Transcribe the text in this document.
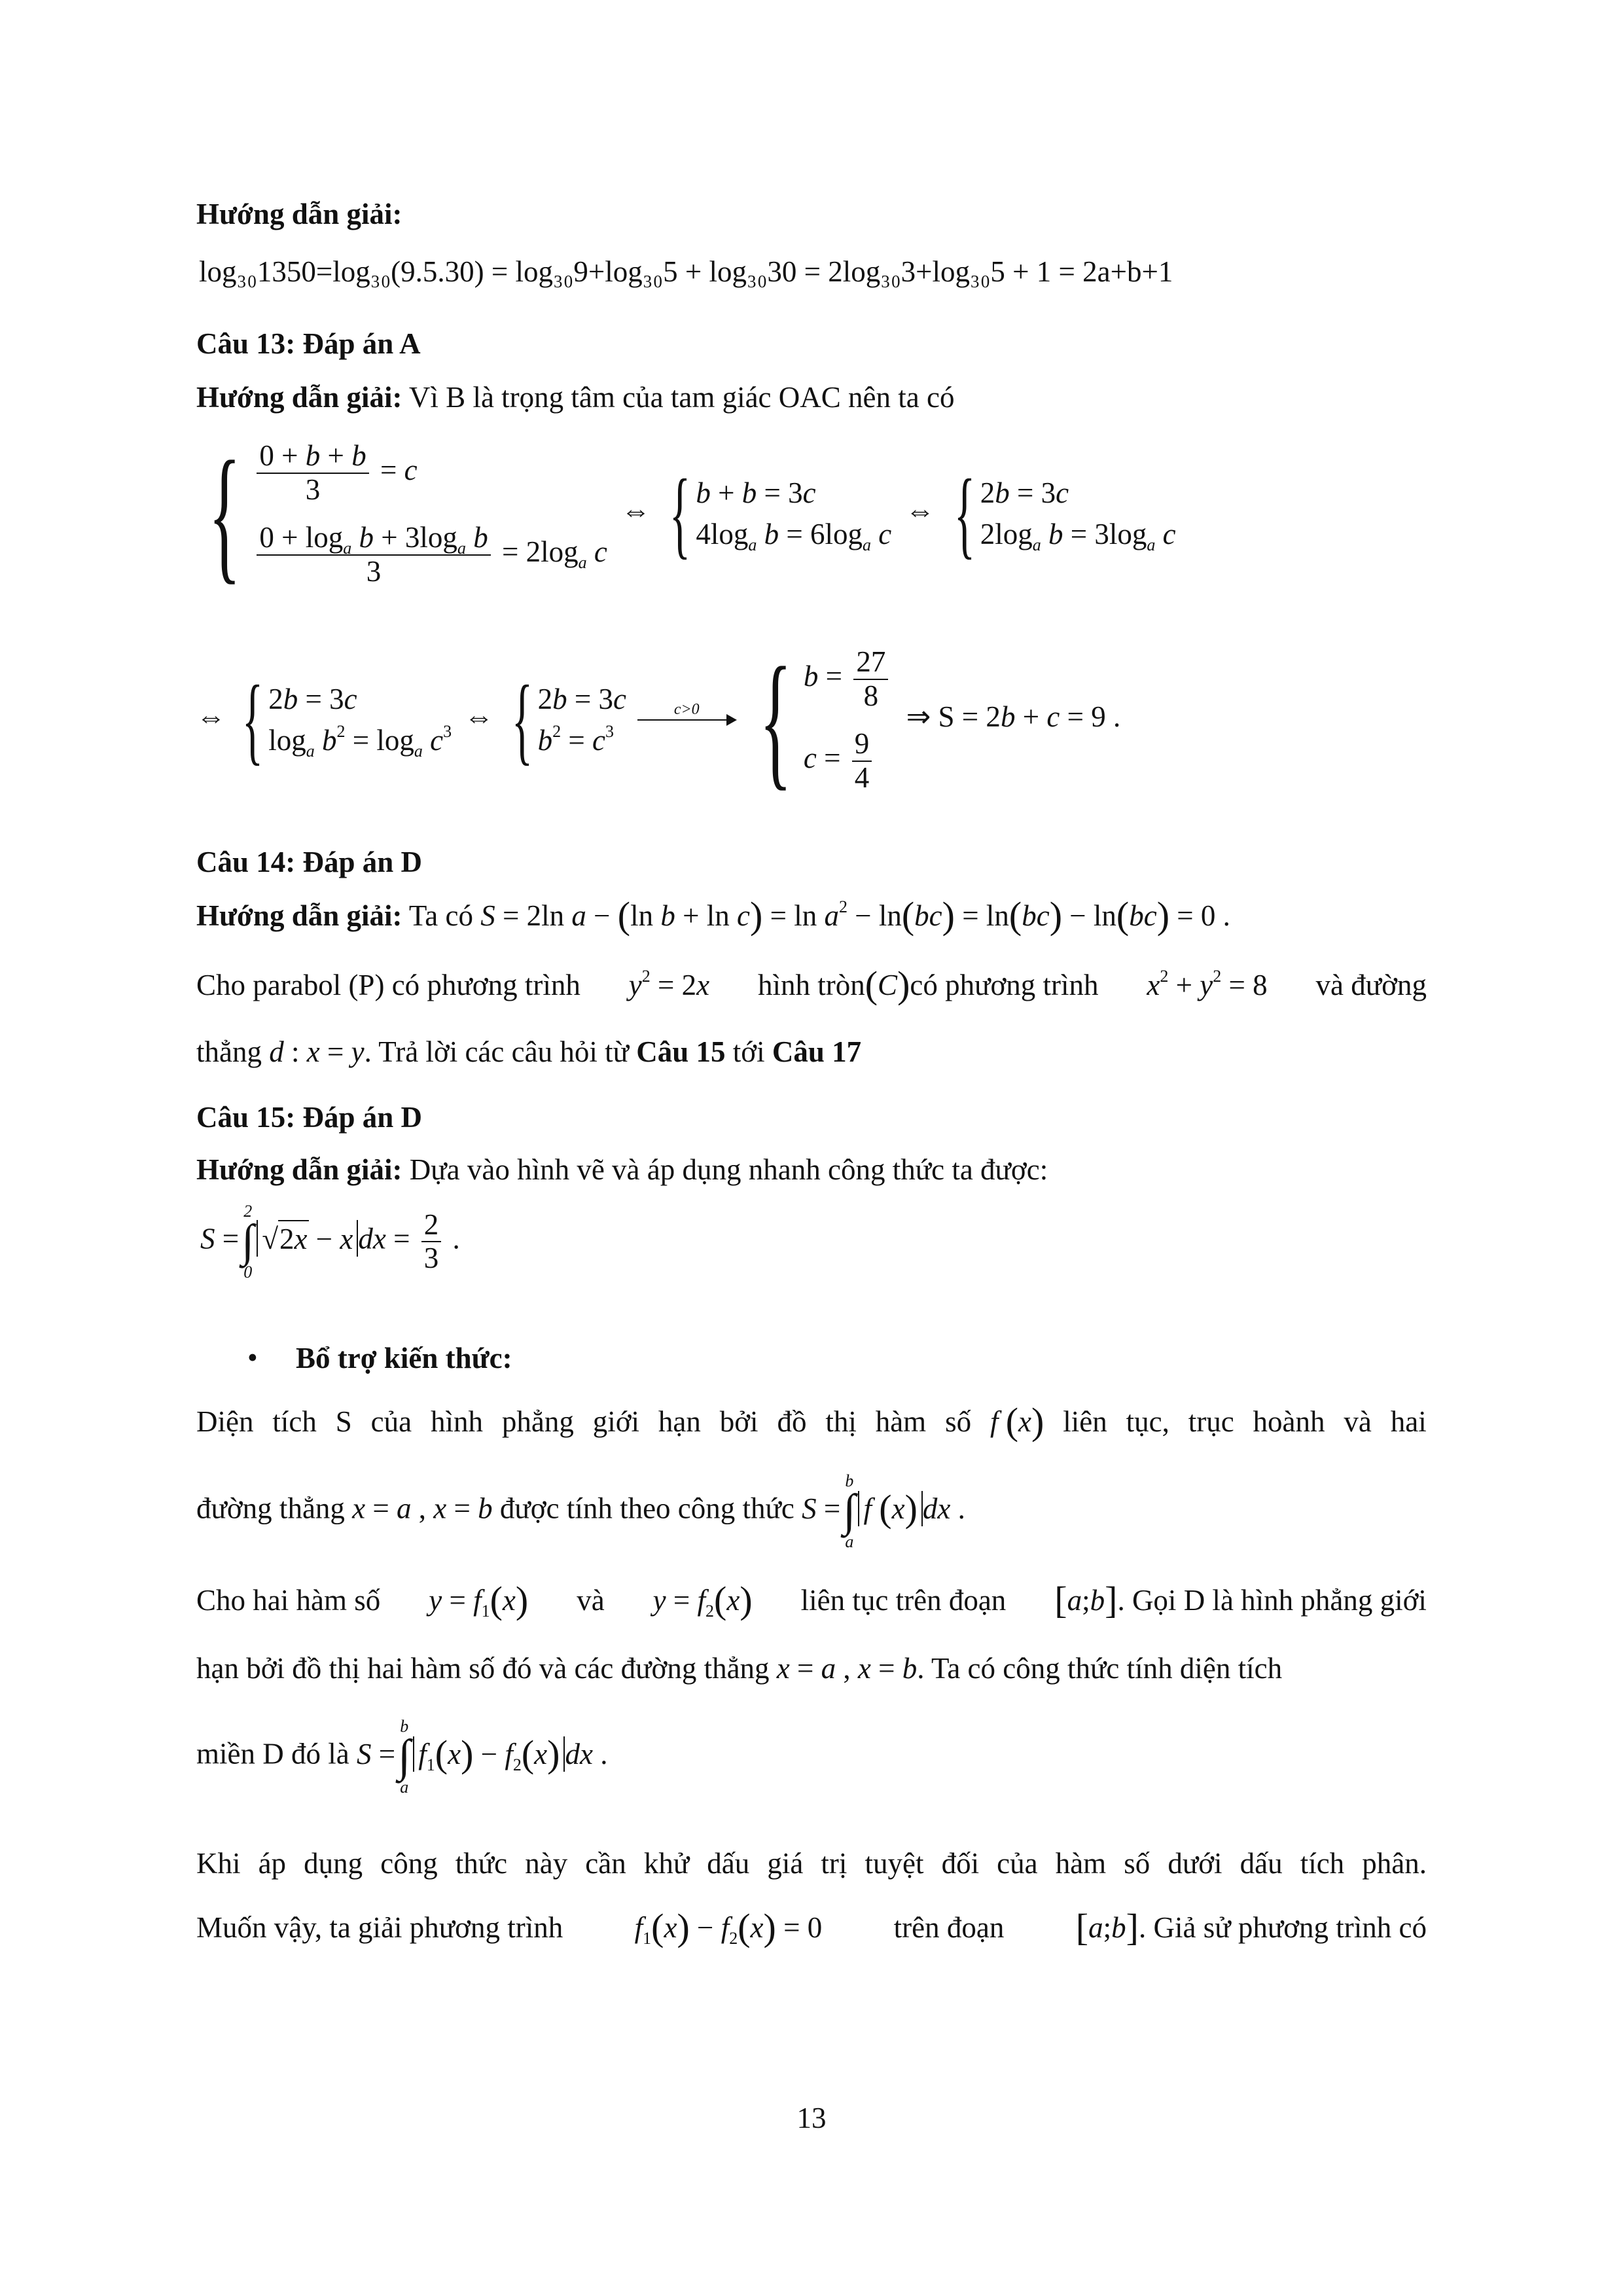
Hướng dẫn giải:
log₃₀1350=log₃₀(9.5.30) = log₃₀9+log₃₀5 + log₃₀30 = 2log₃₀3+log₃₀5 + 1 = 2a+b+1
Câu 13: Đáp án A
Hướng dẫn giải: Vì B là trọng tâm của tam giác OAC nên ta có
{ $\frac{0 + b + b}{3} = c$
$\frac{0 + \log_a b + 3\log_a b}{3} = 2\log_a$ c
⇔ { b + b = 3c
$4\log_a$ $b = 6\log_a$ c
⇔ { 2b = 3c
$2\log_a$ $b = 3\log_a$ c
⇔ { 2b = 3c
$\log_a b^2 = \log_a c^3$ ⇔ { 2b = 3c
$b^2 = c^3$

c>0

{ $b = \frac{27}{8}$
$c = \frac{9}{4}$
⇒ S = 2b + c = 9 .
Câu 14: Đáp án D
Hướng dẫn giải: Ta có S = 2ln a − (ln $b + \ln c) = \ln a^2 - \ln(bc) = \ln(bc) - \ln(bc) = 0$ .
Cho parabol (P) có phương trình $y^2 = 2x$ hình tròn(C)có phương trình $x^2 + y^2 = 8$ và đường
thẳng d : x = y. Trả lời các câu hỏi từ Câu 15 tới Câu 17
Câu 15: Đáp án D
Hướng dẫn giải: Dựa vào hình vẽ và áp dụng nhanh công thức ta được:
S =
2
∫
0
√2x − x dx = $\frac{2}{3}$ .
• Bổ trợ kiến thức:
Diện tích S của hình phẳng giới hạn bởi đồ thị hàm số f (x) liên tục, trục hoành và hai
đường thẳng x = a , x = b được tính theo công thức S =
b
∫
a
f (x) dx .
Cho hai hàm số $y = f_1(x)$ và $y = f_2(x)$ liên tục trên đoạn [a;b]. Gọi D là hình phẳng giới
hạn bởi đồ thị hai hàm số đó và các đường thẳng x = a , x = b. Ta có công thức tính diện tích
miền D đó là S =
b
∫
a
$f_1(x) - f_2(x)$ dx .
Khi áp dụng công thức này cần khử dấu giá trị tuyệt đối của hàm số dưới dấu tích phân.
Muốn vậy, ta giải phương trình $f_1(x) - f_2(x) = 0$ trên đoạn [a;b]. Giả sử phương trình có
13
